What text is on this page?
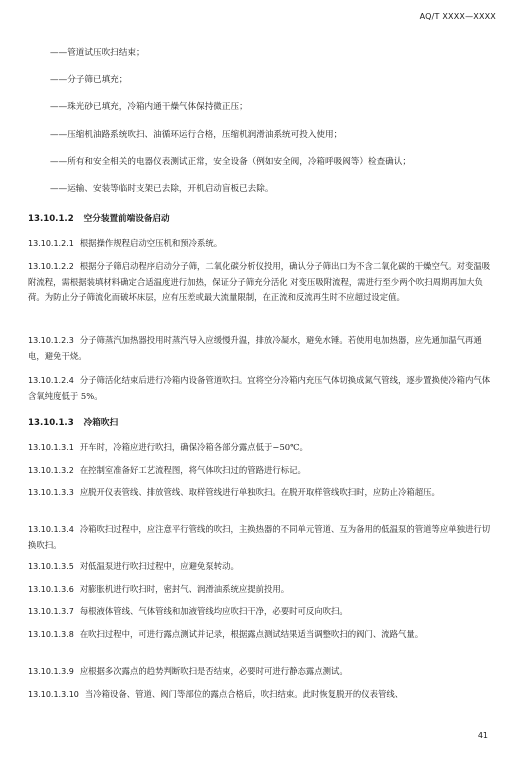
AQ/T XXXX—XXXX
——管道试压吹扫结束；
——分子筛已填充；
——珠光砂已填充，冷箱内通干燥气体保持微正压；
——压缩机油路系统吹扫、油循环运行合格，压缩机润滑油系统可投入使用；
——所有和安全相关的电器仪表测试正常，安全设备（例如安全阀，冷箱呼吸阀等）检查确认；
——运输、安装等临时支架已去除，开机启动盲板已去除。
13.10.1.2 空分装置前端设备启动
13.10.1.2.1 根据操作规程启动空压机和预冷系统。
13.10.1.2.2 根据分子筛启动程序启动分子筛，二氧化碳分析仪投用，确认分子筛出口为不含二氧化碳的干燥空气。对变温吸附流程，需根据装填材料确定合适温度进行加热，保证分子筛充分活化 对变压吸附流程，需进行至少两个吹扫周期再加大负荷。为防止分子筛流化而破坏床层，应有压差或最大流量限制，在正流和反流再生时不应超过设定值。
13.10.1.2.3 分子筛蒸汽加热器投用时蒸汽导入应缓慢升温，排放冷凝水，避免水锤。若使用电加热器，应先通加温气再通电，避免干烧。
13.10.1.2.4 分子筛活化结束后进行冷箱内设备管道吹扫。宜将空分冷箱内充压气体切换成氮气管线，逐步置换使冷箱内气体含氧纯度低于 5%。
13.10.1.3 冷箱吹扫
13.10.1.3.1 开车时，冷箱应进行吹扫，确保冷箱各部分露点低于−50℃。
13.10.1.3.2 在控制室准备好工艺流程图，将气体吹扫过的管路进行标记。
13.10.1.3.3 应脱开仪表管线、排放管线、取样管线进行单独吹扫。在脱开取样管线吹扫时，应防止冷箱超压。
13.10.1.3.4 冷箱吹扫过程中，应注意平行管线的吹扫，主换热器的不同单元管道、互为备用的低温泵的管道等应单独进行切换吹扫。
13.10.1.3.5 对低温泵进行吹扫过程中，应避免泵转动。
13.10.1.3.6 对膨胀机进行吹扫时，密封气、润滑油系统应提前投用。
13.10.1.3.7 每根液体管线、气体管线和加液管线均应吹扫干净，必要时可反向吹扫。
13.10.1.3.8 在吹扫过程中，可进行露点测试并记录，根据露点测试结果适当调整吹扫的阀门、流路气量。
13.10.1.3.9 应根据多次露点的趋势判断吹扫是否结束，必要时可进行静态露点测试。
13.10.1.3.10 当冷箱设备、管道、阀门等部位的露点合格后，吹扫结束。此时恢复脱开的仪表管线、
41
